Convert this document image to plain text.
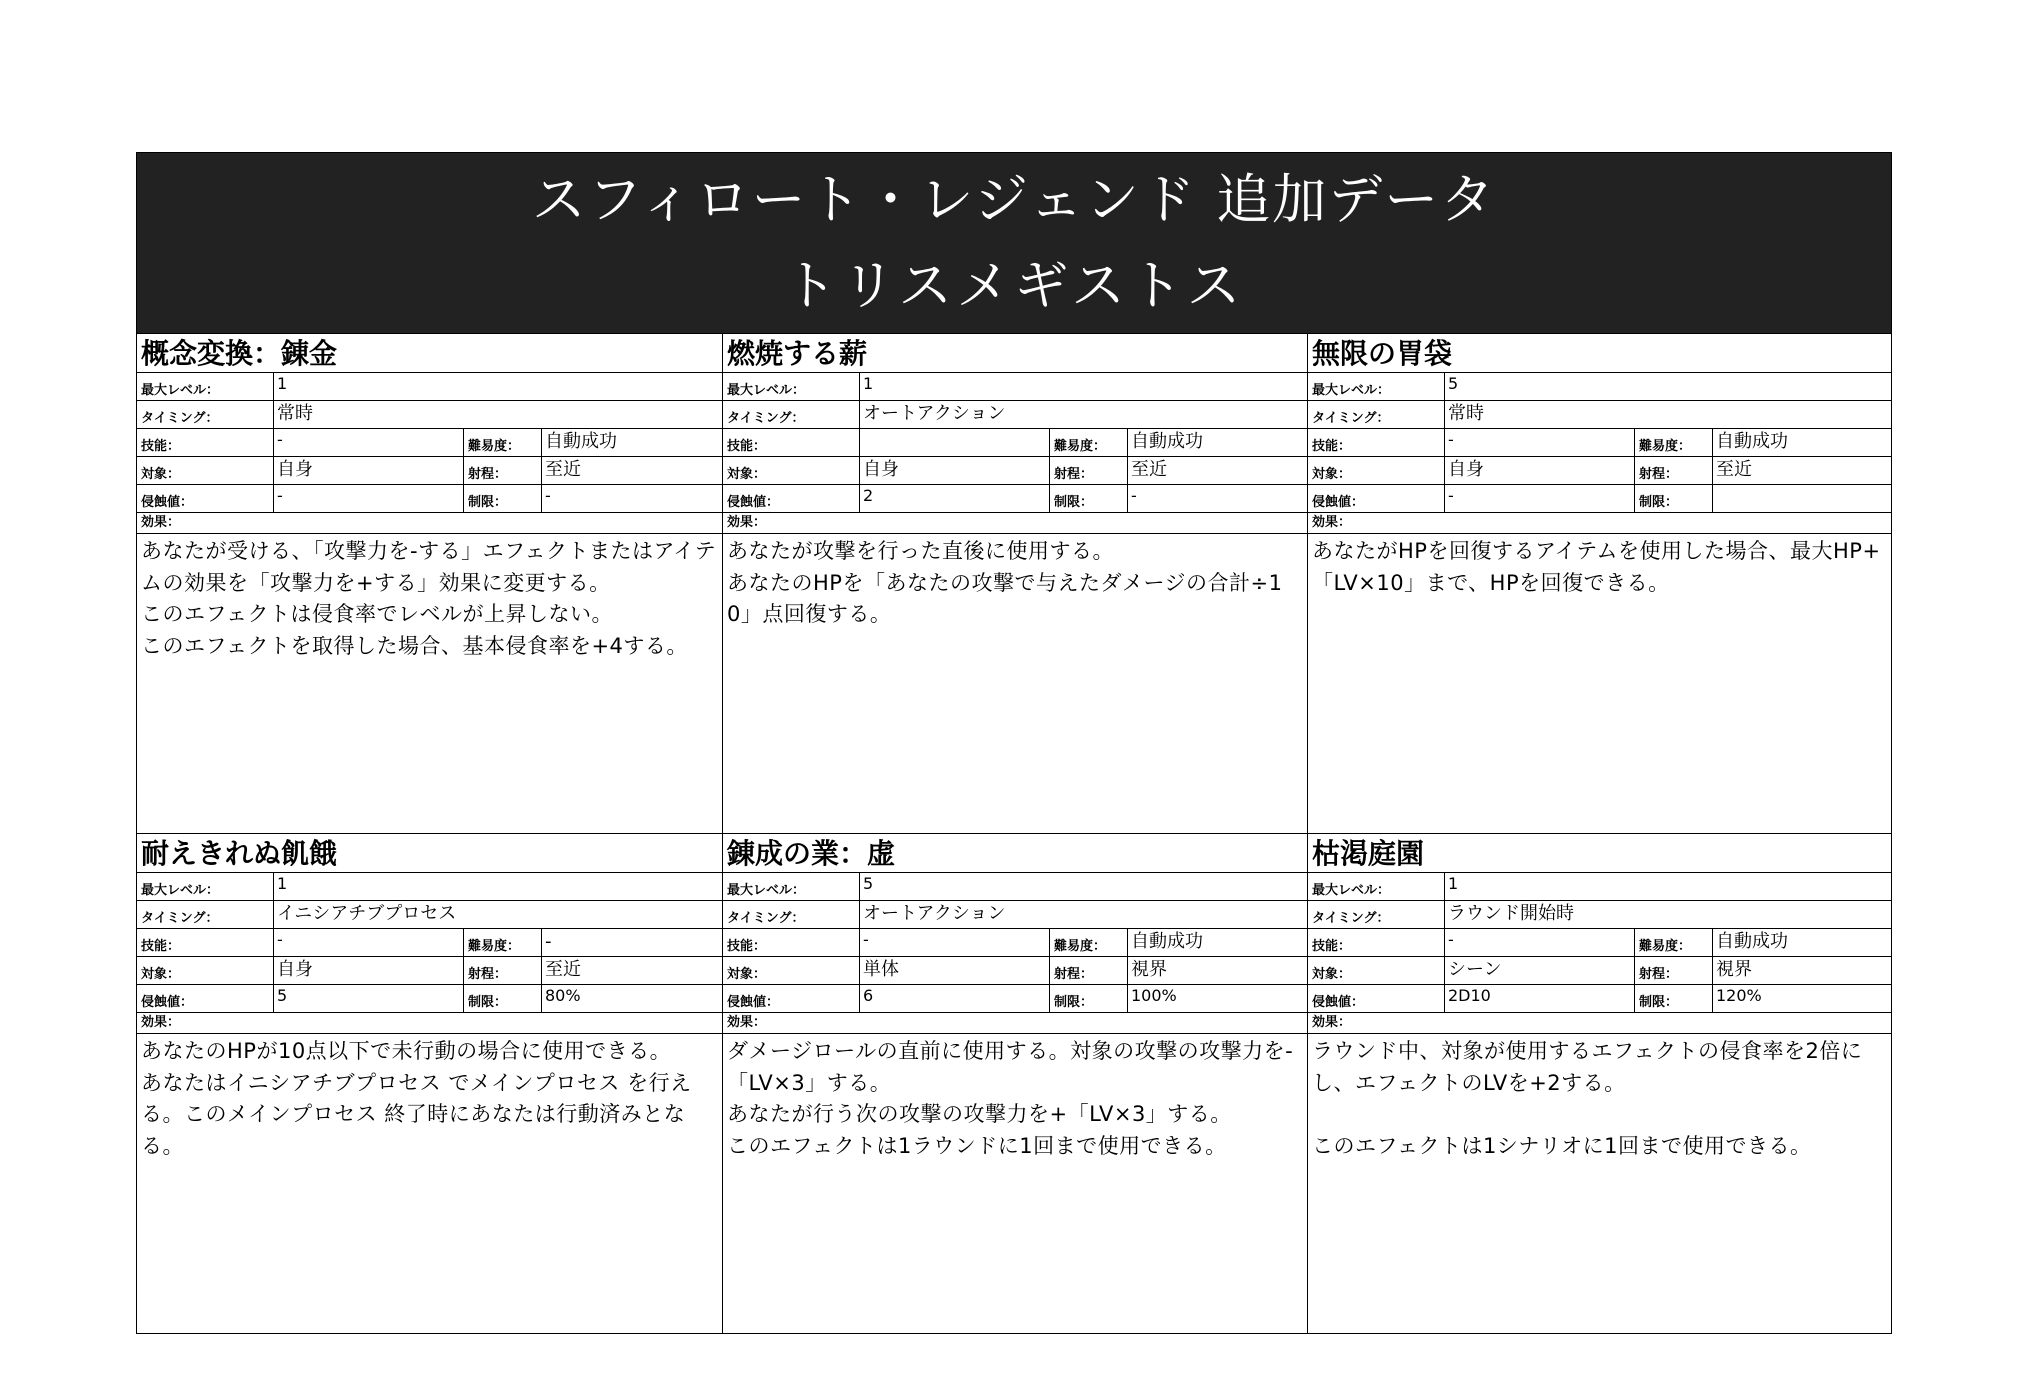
スフィロート・レジェンド 追加データ
トリスメギストス
概念変換：錬金
最大レベル：	1
タイミング：	常時
技能：	-	難易度：	自動成功
対象：	自身	射程：	至近
侵蝕値：	-	制限：	-
効果：

あなたが受ける、「攻撃力を-する」エフェクトまたはアイテムの効果を「攻撃力を+する」効果に変更する。

このエフェクトは侵食率でレベルが上昇しない。

このエフェクトを取得した場合、基本侵食率を+4する。

燃焼する薪
最大レベル：	1
タイミング：	オートアクション
技能：	難易度：	自動成功
対象：	自身	射程：	至近
侵蝕値：	2	制限：	-
効果：

あなたが攻撃を行った直後に使用する。

あなたのHPを「あなたの攻撃で与えたダメージの合計÷10」点回復する。

無限の胃袋
最大レベル：	5
タイミング：	常時
技能：	-	難易度：	自動成功
対象：	自身	射程：	至近
侵蝕値：	-	制限：
効果：

あなたがHPを回復するアイテムを使用した場合、最大HP+「LV×10」まで、HPを回復できる。

耐えきれぬ飢餓
最大レベル：	1
タイミング：	イニシアチブプロセス
技能：	-	難易度：	-
対象：	自身	射程：	至近
侵蝕値：	5	制限：	80%
効果：

あなたのHPが10点以下で未行動の場合に使用できる。

あなたはイニシアチブプロセス でメインプロセス を行える。このメインプロセス 終了時にあなたは行動済みとなる。

錬成の業：虚
最大レベル：	5
タイミング：	オートアクション
技能：	-	難易度：	自動成功
対象：	単体	射程：	視界
侵蝕値：	6	制限：	100%
効果：

ダメージロールの直前に使用する。対象の攻撃の攻撃力を-「LV×3」する。

あなたが行う次の攻撃の攻撃力を+「LV×3」する。

このエフェクトは1ラウンドに1回まで使用できる。

枯渇庭園
最大レベル：	1
タイミング：	ラウンド開始時
技能：	-	難易度：	自動成功
対象：	シーン	射程：	視界
侵蝕値：	2D10	制限：	120%
効果：

ラウンド中、対象が使用するエフェクトの侵食率を2倍にし、エフェクトのLVを+2する。

このエフェクトは1シナリオに1回まで使用できる。
